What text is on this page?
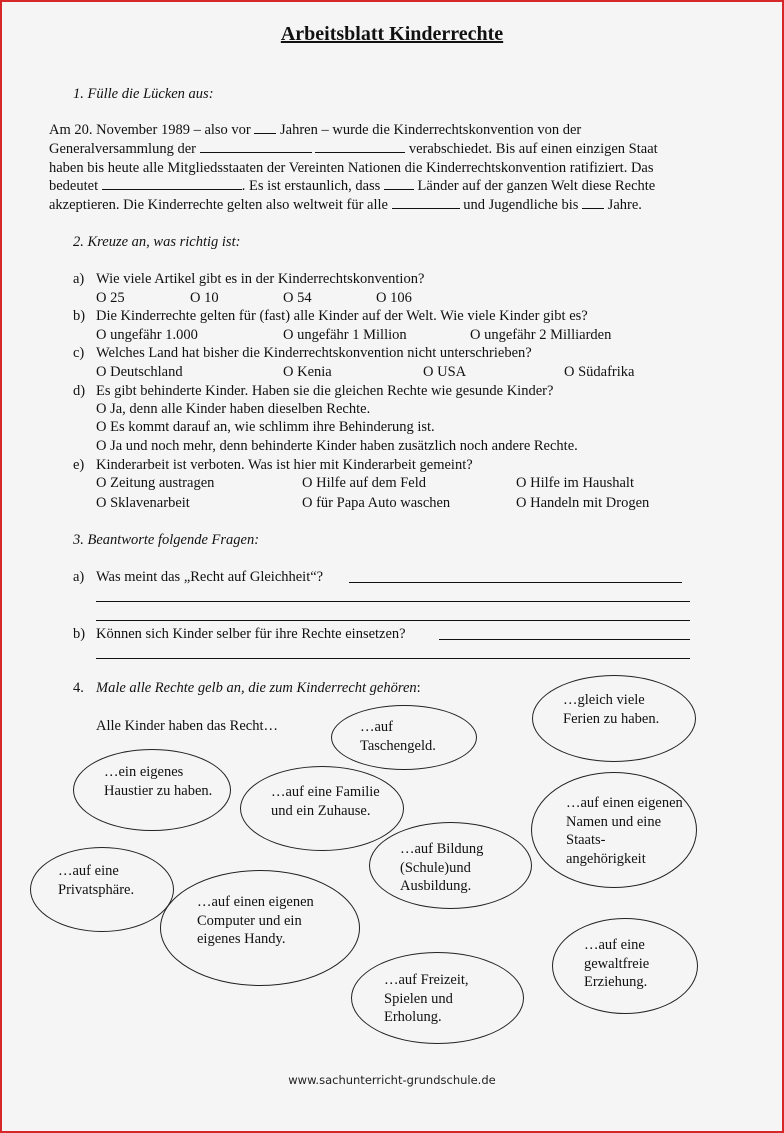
Arbeitsblatt Kinderrechte
1. Fülle die Lücken aus:
Am 20. November 1989 – also vor  Jahren – wurde die Kinderrechtskonvention von der
Generalversammlung der	verabschiedet. Bis auf einen einzigen Staat
haben bis heute alle Mitgliedsstaaten der Vereinten Nationen die Kinderrechtskonvention ratifiziert. Das
bedeutet	. Es ist erstaunlich, dass  Länder auf der ganzen Welt diese Rechte
akzeptieren. Die Kinderrechte gelten also weltweit für alle	und Jugendliche bis  Jahre.
2. Kreuze an, was richtig ist:
a) Wie viele Artikel gibt es in der Kinderrechtskonvention?
O 25	O 10	O 54	O 106
b) Die Kinderrechte gelten für (fast) alle Kinder auf der Welt. Wie viele Kinder gibt es?
O ungefähr 1.000	O ungefähr 1 Million	O ungefähr 2 Milliarden
c) Welches Land hat bisher die Kinderrechtskonvention nicht unterschrieben?
O Deutschland	O Kenia	O USA	O Südafrika
d) Es gibt behinderte Kinder. Haben sie die gleichen Rechte wie gesunde Kinder?
O Ja, denn alle Kinder haben dieselben Rechte.
O Es kommt darauf an, wie schlimm ihre Behinderung ist.
O Ja und noch mehr, denn behinderte Kinder haben zusätzlich noch andere Rechte.
e) Kinderarbeit ist verboten. Was ist hier mit Kinderarbeit gemeint?
O Zeitung austragen	O Hilfe auf dem Feld	O Hilfe im Haushalt
O Sklavenarbeit	O für Papa Auto waschen	O Handeln mit Drogen
3. Beantworte folgende Fragen:
a) Was meint das „Recht auf Gleichheit“?
b) Können sich Kinder selber für ihre Rechte einsetzen?
4. Male alle Rechte gelb an, die zum Kinderrecht gehören:
Alle Kinder haben das Recht…
…gleich viele Ferien zu haben.
…auf Taschengeld.
…ein eigenes Haustier zu haben.	…auf eine Familie und ein Zuhause.	…auf einen eigenen Namen und eine Staats-angehörigkeit
…auf Bildung (Schule)und Ausbildung.
…auf eine Privatsphäre.
…auf einen eigenen Computer und ein eigenes Handy.	…auf eine gewaltfreie Erziehung.
…auf Freizeit, Spielen und Erholung.
www.sachunterricht-grundschule.de
